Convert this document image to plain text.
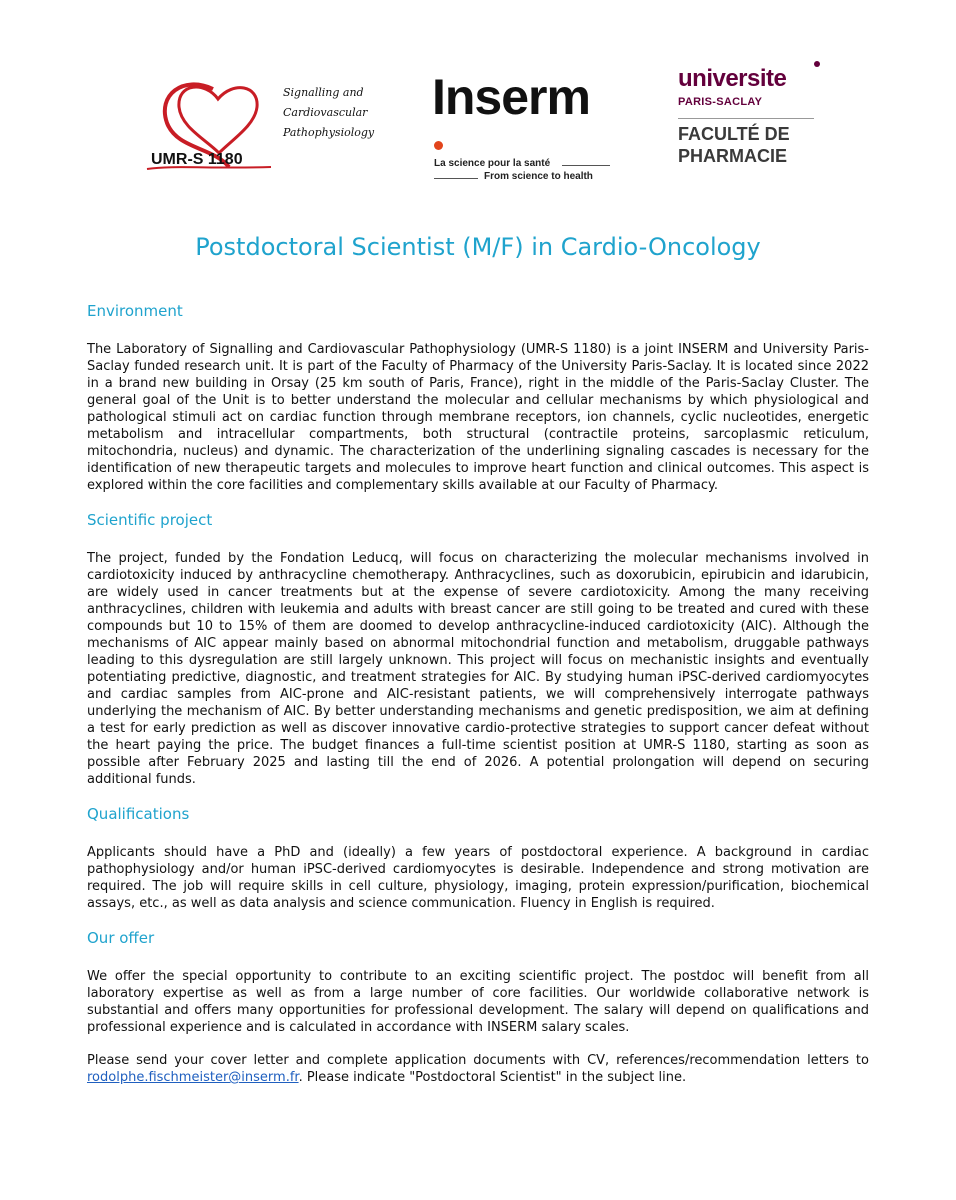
Signalling and
Cardiovascular
Pathophysiology
UMR-S 1180
Inserm
La science pour la santé
From science to health
universite
PARIS-SACLAY
FACULTÉ DE
PHARMACIE
Postdoctoral Scientist (M/F) in Cardio-Oncology
Environment

The Laboratory of Signalling and Cardiovascular Pathophysiology (UMR-S 1180) is a joint INSERM and University Paris-Saclay funded research unit. It is part of the Faculty of Pharmacy of the University Paris-Saclay. It is located since 2022 in a brand new building in Orsay (25 km south of Paris, France), right in the middle of the Paris-Saclay Cluster. The general goal of the Unit is to better understand the molecular and cellular mechanisms by which physiological and pathological stimuli act on cardiac function through membrane receptors, ion channels, cyclic nucleotides, energetic metabolism and intracellular compartments, both structural (contractile proteins, sarcoplasmic reticulum, mitochondria, nucleus) and dynamic. The characterization of the underlining signaling cascades is necessary for the identification of new therapeutic targets and molecules to improve heart function and clinical outcomes. This aspect is explored within the core facilities and complementary skills available at our Faculty of Pharmacy.

Scientific project

The project, funded by the Fondation Leducq, will focus on characterizing the molecular mechanisms involved in cardiotoxicity induced by anthracycline chemotherapy. Anthracyclines, such as doxorubicin, epirubicin and idarubicin, are widely used in cancer treatments but at the expense of severe cardiotoxicity. Among the many receiving anthracyclines, children with leukemia and adults with breast cancer are still going to be treated and cured with these compounds but 10 to 15% of them are doomed to develop anthracycline-induced cardiotoxicity (AIC). Although the mechanisms of AIC appear mainly based on abnormal mitochondrial function and metabolism, druggable pathways leading to this dysregulation are still largely unknown. This project will focus on mechanistic insights and eventually potentiating predictive, diagnostic, and treatment strategies for AIC. By studying human iPSC-derived cardiomyocytes and cardiac samples from AIC-prone and AIC-resistant patients, we will comprehensively interrogate pathways underlying the mechanism of AIC. By better understanding mechanisms and genetic predisposition, we aim at defining a test for early prediction as well as discover innovative cardio-protective strategies to support cancer defeat without the heart paying the price. The budget finances a full-time scientist position at UMR-S 1180, starting as soon as possible after February 2025 and lasting till the end of 2026. A potential prolongation will depend on securing additional funds.

Qualifications

Applicants should have a PhD and (ideally) a few years of postdoctoral experience. A background in cardiac pathophysiology and/or human iPSC-derived cardiomyocytes is desirable. Independence and strong motivation are required. The job will require skills in cell culture, physiology, imaging, protein expression/purification, biochemical assays, etc., as well as data analysis and science communication. Fluency in English is required.

Our offer

We offer the special opportunity to contribute to an exciting scientific project. The postdoc will benefit from all laboratory expertise as well as from a large number of core facilities. Our worldwide collaborative network is substantial and offers many opportunities for professional development. The salary will depend on qualifications and professional experience and is calculated in accordance with INSERM salary scales.

Please send your cover letter and complete application documents with CV, references/recommendation letters to rodolphe.fischmeister@inserm.fr. Please indicate "Postdoctoral Scientist" in the subject line.
